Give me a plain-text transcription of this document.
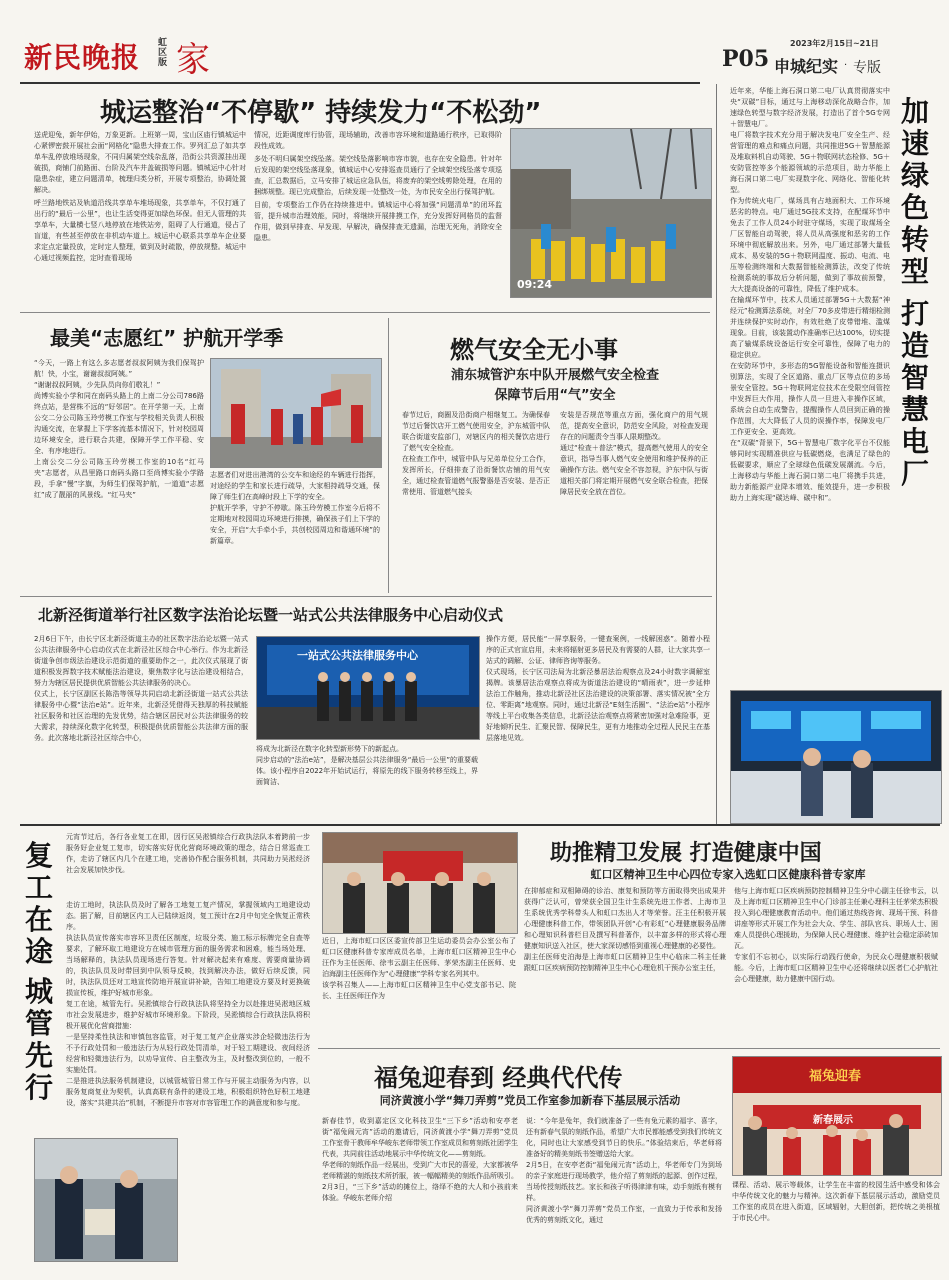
新民晚报 虹区版 家	2023年2月15日~21日
P05 申城纪实 · 专版
城运整治“不停歇” 持续发力“不松劲”
送虎迎兔，新年伊始，万象更新。上班第一周，宝山区庙行镇城运中心紧锣密鼓开展社会面“网格化”隐患大排查工作。罗列汇总了如共享单车乱停放堆场现象，不同归属架空线杂乱落，沿街公共资源挂出现破损，商铺门前路面、台阶及汽车井盖破损等问题。镇城运中心针对隐患杂症，建立问题清单，梳理归类分析，开展专项整治，协调处置解决。
呼兰路地铁站及轨道沿线共享单车堆场现象，共享单车，不仅打通了出行的“最后一公里”，也让生活变得更加绿色环保。但无人管理的共享单车，大量横七竖八地停放在地铁站旁，阻碍了人行通道，侵占了盲道，有些甚至停放在非机动车道上。城运中心联系共享单车企业要求定点定量投放，定时定人整理，做到及时疏散，停放规整。城运中心通过视频监控，定时查看现场
情况，近距调度库行协管，现场辅助，改善市容环境和道路通行秩序，已取得阶段性成效。
多处不明归属架空线坠落。架空线坠落影响市容市貌，也存在安全隐患。针对年后发现的架空线坠落现象，镇城运中心安排巡查员通行了全域架空线坠落专项巡查，汇总数据后，立马安排了城运应急队伍，将废弃的架空线剪除处理，在用的捆绑规整。现已完成整治，后续发现一处整改一处，为市民安全出行保驾护航。
目前，专项整治工作仍在持续推进中。镇城运中心将加强“问题清单”的闭环监管，提升城市治理效能，同时，将继续开展排摸工作，充分发挥好网格员的监督作用，做到早排查、早发现、早解决，确保排查无遗漏，治理无死角，消除安全隐患。
09:24
最美“志愿红” 护航开学季
“今天，一路上有这么多志愿者叔叔阿姨为我们保驾护航！快，小宝，谢谢叔叔阿姨。”
“谢谢叔叔阿姨，少先队员向你们敬礼！”
尚博实验小学和同在南码头路上的上南二分公司786路终点站，是营株不远的“好邻居”。在开学第一天，上南公交二分公司陈玉玲劳模工作室与学校相关负责人积极沟通交流，在掌握上下学客流基本情况下，针对校园周边环境安全，进行联合共建，保障开学工作平稳、安全、有序地进行。
上南公交二分公司陈玉玲劳模工作室的10名“红马夹”志愿者，从昌里路口南码头路口至尚博实验小学路段，手拿“慢”字旗，为师生们保驾护航，一道道“志愿红”成了靓丽的风景线。“红马夹”
志愿者们对进出港湾的公交车和途经的车辆进行指挥，对途经的学生和家长进行疏导，大家相持疏导交通，保障了师生们在高峰时段上下学的安全。
护航开学季，守护不停歇。陈玉玲劳模工作室今后将不定期地对校园周边环境进行排摸，确保孩子们上下学的安全，开启“大手牵小手，共创校园周边和谐通环境”的新篇章。
燃气安全无小事
浦东城管沪东中队开展燃气安全检查
保障节后用“气”安全
春节过后，商圈及沿街商户相继复工。为确保春节过后餐饮店开工燃气使用安全，沪东城管中队联合街道安监部门，对辖区内的相关餐饮店进行了燃气安全检查。
在检查工作中，城管中队与兄弟单位分工合作，发挥所长，仔细排查了沿街餐饮店铺的用气安全，通过检查管道燃气报警器是否安装、是否正常使用、管道燃气接头
安装是否规范等重点方面，强化商户的用气规范，提高安全意识，防范安全风险，对检查发现存在的问题责令当事人限期整改。
通过“检查＋普法”模式，提高燃气使用人的安全意识，指导当事人燃气安全使用和维护保养的正确操作方法。燃气安全不容忽视，沪东中队与街道相关部门将定期开展燃气安全联合检查，把保障居民安全放在首位。
近年来，华能上海石洞口第二电厂认真贯彻落实中央“双碳”目标，通过与上海移动深化战略合作，加速绿色转型与数字经济发展，打造出了首个5G专网＋智慧电厂。
电厂将数字技术充分用于解决发电厂安全生产、经营管理的难点和痛点问题，共同推进5G＋智慧能源及堆取料机自动驾驶、5G＋物联网状态检修、5G＋安防管控等多个能源领域的示范项目，助力华能上海石洞口第二电厂实现数字化、网络化、智能化转型。
作为传统火电厂，煤场具有占地面积大、工作环境恶劣的特点。电厂通过5G技术支持，在配煤环节中免去了工作人员24小时驻守煤场，实现了取煤场全厂区智能自动驾驶，将人员从高强度和恶劣的工作环境中彻底解放出来。另外，电厂通过部署大量低成本、易安装的5G＋物联网温度、振动、电流、电压等检测终端和大数据智能检测算法，改变了传统检测系统的事故后分析问题，做到了事故前预警，大大提高设备的可靠性，降低了维护成本。
在输煤环节中，技术人员通过部署5G＋大数据“神经元”检测算法系统，对全厂70多皮带进行精细检测并连续保护实时动作，有效杜绝了皮带错堆、滥煤现象。目前，该装置动作准确率已达100%，切实提高了输煤系统设备运行安全可靠性，保障了电力的稳定供应。
在安防环节中，多形态的5G智能设备和智能连摄识别算法，实现了全区道路、重点厂区等点位的多场景安全管控。5G＋物联网定位技术在受限空间管控中发挥巨大作用，操作人员一旦进入非操作区域，系统会自动生成警告，提醒操作人员回到正确的操作范围，大大降低了人员的误操作率，保障发电厂工作更安全、更高效。
在“双碳”背景下，5G＋智慧电厂数字化平台不仅能够同时实现精准供应与低碳燃烧，也满足了绿色的低碳要求，顺应了全球绿色低碳发展潮流。今后，上海移动与华能上海石洞口第二电厂将携手共进，助力新能源产业降本增效、能效提升，进一步积极助力上海实现“碳达峰、碳中和”。
加
速
绿
色
转
型
打
造
智
慧
电
厂
北新泾街道举行社区数字法治论坛暨一站式公共法律服务中心启动仪式
2月6日下午，由长宁区北新泾街道主办的社区数字法治论坛暨一站式公共法律服务中心启动仪式在北新泾社区综合中心举行。作为北新泾街道争创市级法治建设示范街道的重要助作之一，此次仪式展现了街道积极发挥数字技术赋能法治建设，聚焦数字化与法治建设相结合，努力为辖区居民提供优质智能公共法律服务的决心。
仪式上，长宁区副区长陈浩等领导共同启动北新泾街道一站式公共法律服务中心暨“法治e站”。近年来，北新泾凭借得天独厚的科技赋能社区服务和社区治理的先发优势，结合辖区居民对公共法律服务的较大需求，持续深化数字化转型，积极提供优质智能公共法律方面的服务。此次落地北新泾社区综合中心，
一站式公共法律服务中心
将成为北新泾在数字化转型新形势下的新起点。
同步启动的“法治e站”，是解决基层公共法律服务“最后一公里”的重要载体。该小程序自2022年开始试运行，将原先的线下服务转移至线上，界面简洁、
操作方便，居民能“一屏享服务，一键查案例，一线解困惑”。随着小程序的正式官宣启用，未来将辐射更多居民及有需要的人群，让大家共享一站式的调解、公证、律师咨询等服务。
仪式现场，长宁区司法局为北新泾暴居法治观察点及24小时数字调解室揭牌。该暴居法治观察点将成为街道法治建设的“晴雨表”，进一步延伸法治工作触角，推动北新泾社区法治建设的决策部署、落实情况被“全方位、零距离”地观察。同时，通过北新泾“E刻生活圈”、“法治e站”小程序等线上平台收集各类信息，北新泾法治观察点将紧密加强对急难险事，更好地倾听民生、汇聚民智、保障民生，更有力地推动全过程人民民主在基层落地见效。
复
工
在
途
城
管
先
行
元宵节过后，各行各业复工在即，因行区吴淞镇综合行政执法队本着跨前一步服务好企业复工复市，切实落实好优化营商环境政策的理念，结合日常巡查工作，走访了辖区内几个在建工地，完善协作配合服务机制，共同助力吴淞经济社会发展加快步伐。
走访工地时，执法队员及时了解各工地复工复产情况，掌握领域内工地建设动态。据了解，目前辖区内工人已陆续返岗，复工预计在2月中旬完全恢复正常秩序。
执法队员宣传落实市容环卫责任区制度，垃圾分类、施工标示标牌完全自查等要求，了解环取工地建设方在城市管理方面的服务需求和困难，能当场处理、当场解释的，执法队员现场进行答复。针对解决起来有难度、需要商量协调的，执法队员及时带回到中队领导反映，找到解决办法，做好后续反馈，同时，执法队员还对工地宣传防地开展宣讲补缺，告知工地建设方要及时更换破损宣传板，维护好城市形象。
复工在途，城管先行。吴淞镇综合行政执法队将坚持全力以赴推进吴淞地区城市社会发展进步，维护好城市环境形象。下阶段，吴淞镇综合行政执法队将积极开展优化营商措施：
一是坚持柔性执法和审慎包容监管，对于复工复产企业落实涉企轻微违法行为不予行政处罚和一般违法行为从轻行政处罚清单，对于轻工期建设、夜间经济经营和轻微违法行为，以劝导宣传、自主整改为主，及时整改到位的，一般不实施处罚。
二是推进执法服务机制建设，以城管城管日常工作与开展主动服务为内容，以服务复商复业为契机，认真高联有条件的建设工地，积极组织特色好积工地建设，落实“共建共治”机制，不断提升市容对市容管理工作的满意度和参与度。
近日，上海市虹口区区委宣传部卫生运动委员会办公室公布了虹口区健康科普专家库成员名单，上海市虹口区精神卫生中心汪作为主任医师、徐韦云副主任医师、茅荣杰副主任医师、史泊海副主任医师作为“心理健康”学科专家名列其中。
该学科召集人——上海市虹口区精神卫生中心党支部书记、院长、主任医师汪作为
助推精卫发展 打造健康中国
虹口区精神卫生中心四位专家入选虹口区健康科普专家库
在抑郁症和双相障碍的诊治、康复和预防等方面取得突出成果并获得广泛认可，曾荣获全国卫生计生系统先进工作者、上海市卫生系统优秀学科带头人和虹口杰出人才等荣誉。汪主任积极开展心理健康科普工作，带领团队开创“心有彩虹”心理健康服务品牌和心理知识科普栏目及撰写科普著作，以丰富多样的形式将心理健康知识送入社区，使大家深切感悟到重视心理健康的必要性。
副主任医师史泊海是上海市虹口区精神卫生中心临床二科主任兼跟虹口区疾病预防控制精神卫生中心心理危机干预办公室主任，
他与上海市虹口区疾病预防控制精神卫生分中心副主任徐韦云，以及上海市虹口区精神卫生中心门诊部主任兼心理科主任茅荣杰积极投入到心理健康教育活动中。他们通过热线咨询、现场干预、科普讲座等形式开展工作为社会大众、学生、部队官兵、职场人士、困难人员提供心理援助，为保障人民心理健康、维护社会稳定添砖加瓦。
专家们不忘初心，以实际行动践行使命，为民众心理健康积极赋能。今后，上海市虹口区精神卫生中心还将继续以医者仁心护航社会心理健康，助力健康中国行动。
福兔迎春到 经典代代传
同济黄渡小学“舞刀弄剪”党员工作室参加新春下基层展示活动
新春佳节，收到嘉定区文化科技卫生“三下乡”活动和安亭老街“福兔闹元宵”活动的邀请后，同济黄渡小学“舞刀弄剪”党员工作室骨干教师牟华峻东老师带领工作室成员和剪刻纸社团学生代表，共同前往活动地展示中华传统文化——剪刻纸。
华老师的刻纸作品一经展出，受到广大市民的喜爱，大家都被华老师精湛的刻纸技术所折服，被一幅幅精美的刻纸作品所吸引。
2月3日，“三下乡”活动的摊位上，络绎不绝的大人和小孩前来体验。华峻东老师介绍
说：“今年是兔年，我们就准备了一些有兔元素的福字、喜字，还有新春气氛的刻纸作品，希望广大市民都能感受到我们传统文化，同时也让大家感受到节日的快乐。”体验结束后，华老师将准备好的精美刻纸书签赠送给大家。
2月5日，在安亭老街“福兔闹元宵”活动上，华老师专门为到场的亲子家庭进行现场教学，他介绍了剪刻纸的起源、创作过程，当场传授刻纸技艺。家长和孩子听得津津有味，动手刻纸有模有样。
同济黄渡小学“舞刀弄剪”党员工作室，一直致力于传承和发扬优秀的剪刻纸文化，通过
福兔迎春
新春展示
课程、活动、展示等载体，让学生在丰富的校园生活中感受和体会中华传统文化的魅力与精神。这次新春下基层展示活动，激励党员工作室的成员在进入街道，区域辐射，大胆创新，把传统之美根植于市民心中。
